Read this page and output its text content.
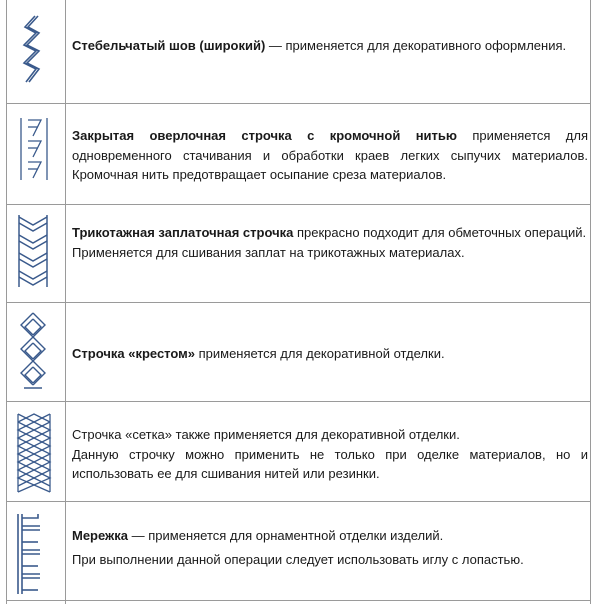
Стебельчатый шов (широкий) — применяется для декоративного оформления.

Закрытая оверлочная строчка с кромочной нитью применяется для одновременного стачивания и обработки краев легких сыпучих материалов. Кромочная нить предотвращает осыпание среза материалов.

Трикотажная заплаточная строчка прекрасно подходит для обметочных операций.

Применяется для сшивания заплат на трикотажных материалах.

Строчка «крестом» применяется для декоративной отделки.

Строчка «сетка» также применяется для декоративной отделки.

Данную строчку можно применить не только при оделке материалов, но и использовать ее для сшивания нитей или резинки.

Мережка — применяется для орнаментной отделки изделий.

При выполнении данной операции следует использовать иглу с лопастью.
